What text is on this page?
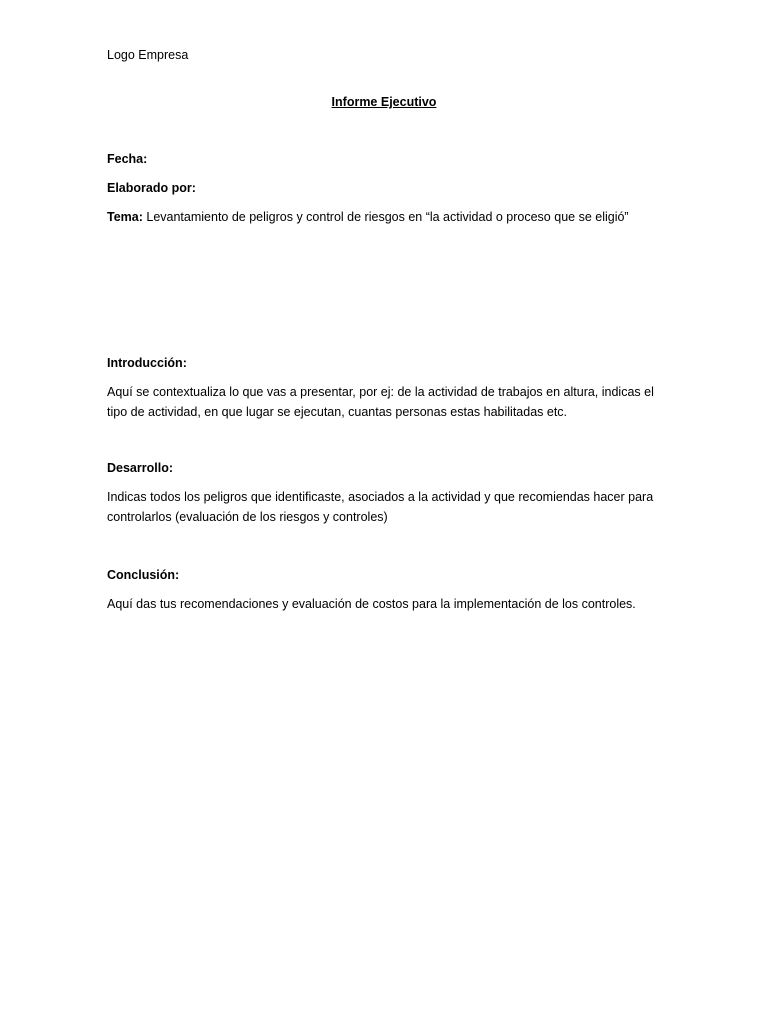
Logo Empresa

Informe Ejecutivo

Fecha:

Elaborado por:

Tema: Levantamiento de peligros y control de riesgos en “la actividad o proceso que se eligió”

Introducción:

Aquí se contextualiza lo que vas a presentar, por ej: de la actividad de trabajos en altura, indicas el

tipo de actividad, en que lugar se ejecutan, cuantas personas estas habilitadas etc.

Desarrollo:

Indicas todos los peligros que identificaste, asociados a la actividad y que recomiendas hacer para

controlarlos (evaluación de los riesgos y controles)

Conclusión:

Aquí das tus recomendaciones y evaluación de costos para la implementación de los controles.
